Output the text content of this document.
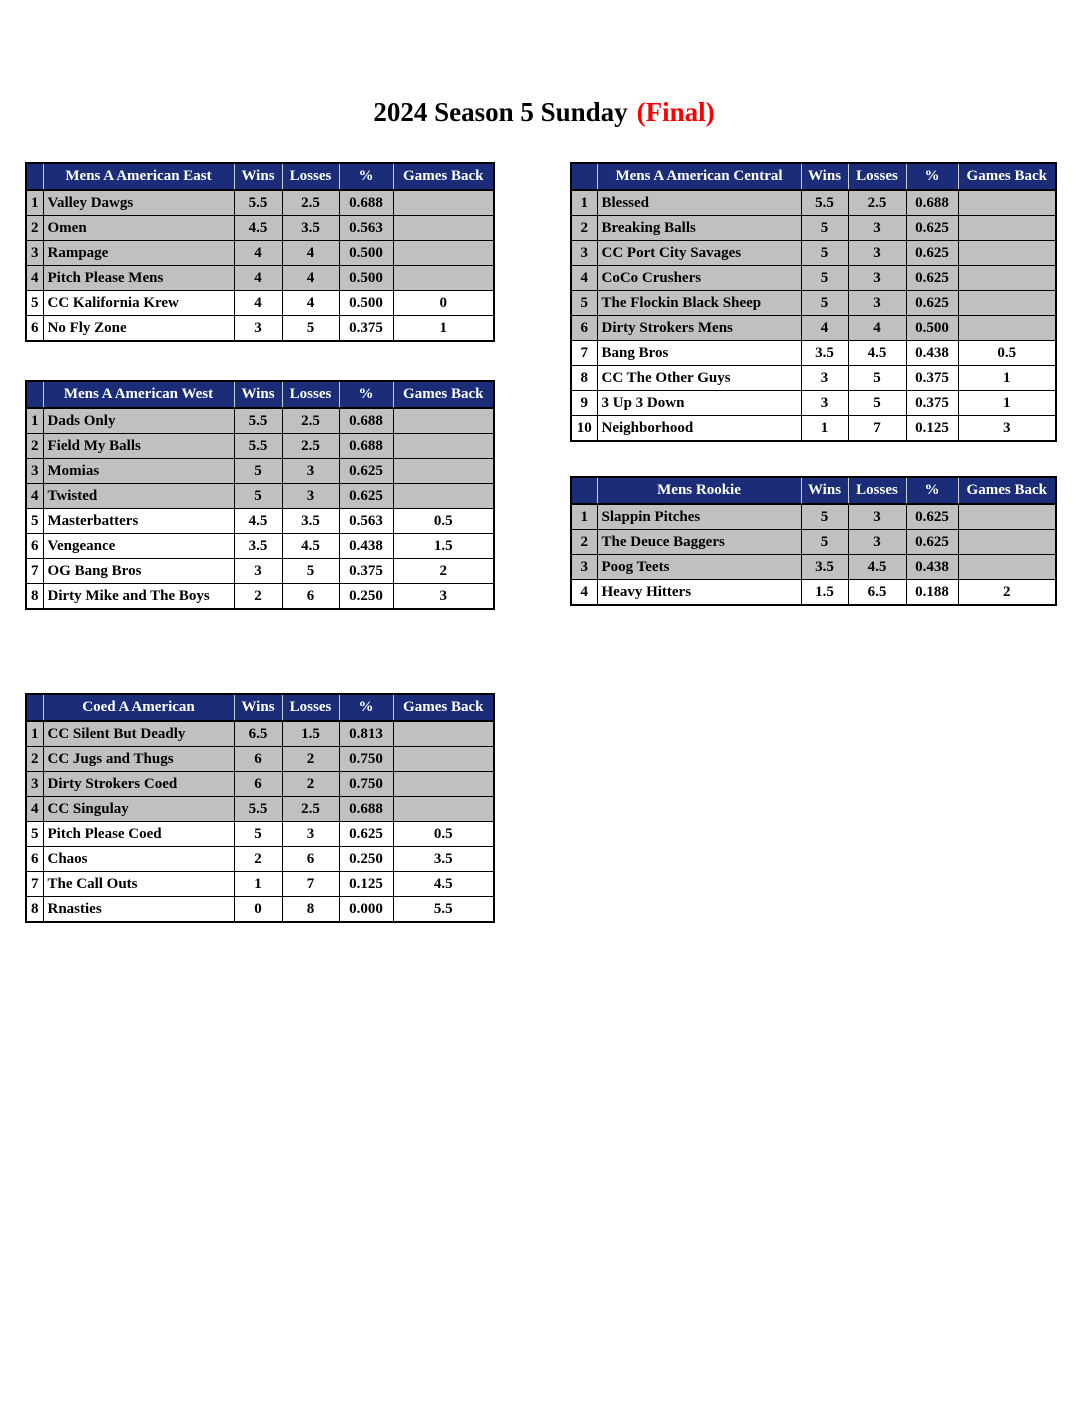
2024 Season 5 Sunday (Final)
	Mens A American East	Wins	Losses	%	Games Back
1	Valley Dawgs	5.5	2.5	0.688	
2	Omen	4.5	3.5	0.563	
3	Rampage	4	4	0.500	
4	Pitch Please Mens	4	4	0.500	
5	CC Kalifornia Krew	4	4	0.500	0
6	No Fly Zone	3	5	0.375	1
	Mens A American Central	Wins	Losses	%	Games Back
1	Blessed	5.5	2.5	0.688	
2	Breaking Balls	5	3	0.625	
3	CC Port City Savages	5	3	0.625	
4	CoCo Crushers	5	3	0.625	
5	The Flockin Black Sheep	5	3	0.625	
6	Dirty Strokers Mens	4	4	0.500	
7	Bang Bros	3.5	4.5	0.438	0.5
8	CC The Other Guys	3	5	0.375	1
9	3 Up 3 Down	3	5	0.375	1
10	Neighborhood	1	7	0.125	3
	Mens A American West	Wins	Losses	%	Games Back
1	Dads Only	5.5	2.5	0.688	
2	Field My Balls	5.5	2.5	0.688	
3	Momias	5	3	0.625	
4	Twisted	5	3	0.625	
5	Masterbatters	4.5	3.5	0.563	0.5
6	Vengeance	3.5	4.5	0.438	1.5
7	OG Bang Bros	3	5	0.375	2
8	Dirty Mike and The Boys	2	6	0.250	3
	Mens Rookie	Wins	Losses	%	Games Back
1	Slappin Pitches	5	3	0.625	
2	The Deuce Baggers	5	3	0.625	
3	Poog Teets	3.5	4.5	0.438	
4	Heavy Hitters	1.5	6.5	0.188	2
	Coed A American	Wins	Losses	%	Games Back
1	CC Silent But Deadly	6.5	1.5	0.813	
2	CC Jugs and Thugs	6	2	0.750	
3	Dirty Strokers Coed	6	2	0.750	
4	CC Singulay	5.5	2.5	0.688	
5	Pitch Please Coed	5	3	0.625	0.5
6	Chaos	2	6	0.250	3.5
7	The Call Outs	1	7	0.125	4.5
8	Rnasties	0	8	0.000	5.5
